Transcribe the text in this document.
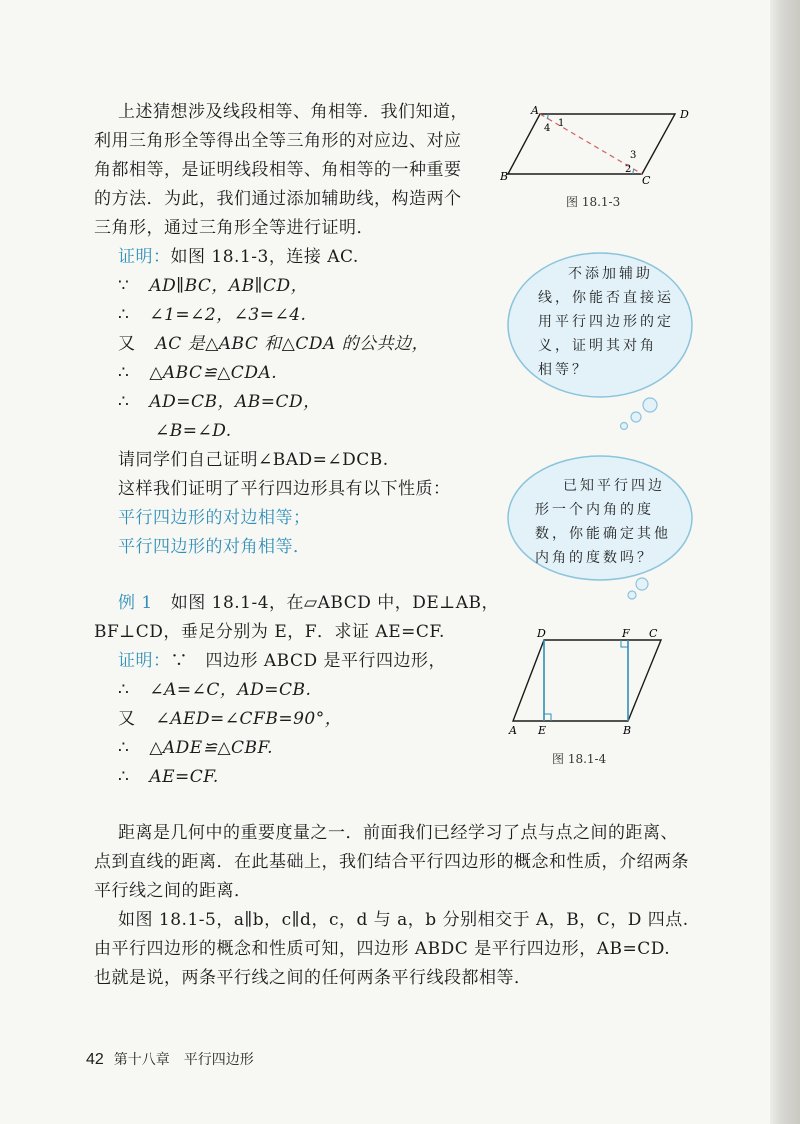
上述猜想涉及线段相等、角相等．我们知道，
利用三角形全等得出全等三角形的对应边、对应
角都相等，是证明线段相等、角相等的一种重要
的方法．为此，我们通过添加辅助线，构造两个
三角形，通过三角形全等进行证明．
证明：如图 18.1-3，连接 AC.
∵ AD∥BC，AB∥CD，
∴ ∠1=∠2，∠3=∠4.
又 AC 是△ABC 和△CDA 的公共边，
∴ △ABC≌△CDA.
∴ AD=CB，AB=CD，
∠B=∠D.
请同学们自己证明∠BAD=∠DCB.
这样我们证明了平行四边形具有以下性质：
平行四边形的对边相等；
平行四边形的对角相等．
例 1 如图 18.1-4，在▱ABCD 中，DE⊥AB，
BF⊥CD，垂足分别为 E，F．求证 AE=CF.
证明：∵　四边形 ABCD 是平行四边形，
∴ ∠A=∠C，AD=CB.
又 ∠AED=∠CFB=90°，
∴ △ADE≌△CBF.
∴ AE=CF.
距离是几何中的重要度量之一．前面我们已经学习了点与点之间的距离、
点到直线的距离．在此基础上，我们结合平行四边形的概念和性质，介绍两条
平行线之间的距离．
如图 18.1-5，a∥b，c∥d，c，d 与 a，b 分别相交于 A，B，C，D 四点.
由平行四边形的概念和性质可知，四边形 ABDC 是平行四边形，AB=CD.
也就是说，两条平行线之间的任何两条平行线段都相等．
A	D
B	C
1
4
2
3
图 18.1-3
不添加辅助
线，你能否直接运
用平行四边形的定
义，证明其对角
相等？
已知平行四边
形一个内角的度
数，你能确定其他
内角的度数吗？
D	F C
A E	B
图 18.1-4
42 第十八章　平行四边形
